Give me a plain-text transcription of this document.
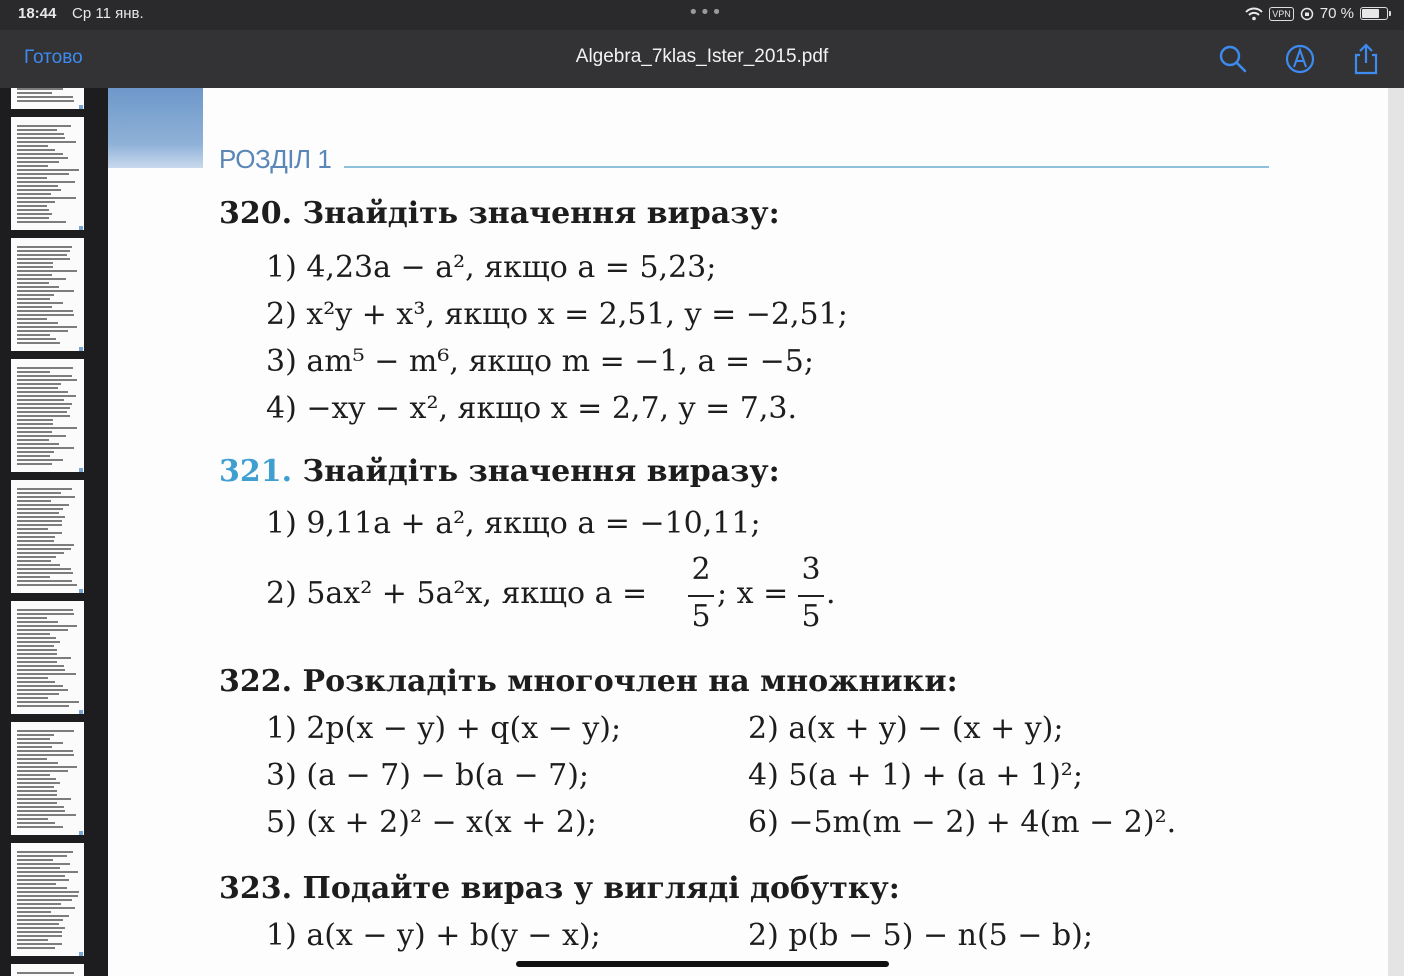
18:44 Ср 11 янв.	•••	VPN 70 %
Готово	Algebra_7klas_Ister_2015.pdf
РОЗДІЛ 1
320. Знайдіть значення виразу:
1) 4,23a − a², якщо a = 5,23;
2) x²y + x³, якщо x = 2,51, y = −2,51;
3) am⁵ − m⁶, якщо m = −1, a = −5;
4) −xy − x², якщо x = 2,7, y = 7,3.
321. Знайдіть значення виразу:
1) 9,11a + a², якщо a = −10,11;
2) 5ax² + 5a²x, якщо a =
2
5
; x =
3
5
.
322. Розкладіть многочлен на множники:
1) 2p(x − y) + q(x − y);	2) a(x + y) − (x + y);
3) (a − 7) − b(a − 7);	4) 5(a + 1) + (a + 1)²;
5) (x + 2)² − x(x + 2);	6) −5m(m − 2) + 4(m − 2)².
323. Подайте вираз у вигляді добутку:
1) a(x − y) + b(y − x);	2) p(b − 5) − n(5 − b);
